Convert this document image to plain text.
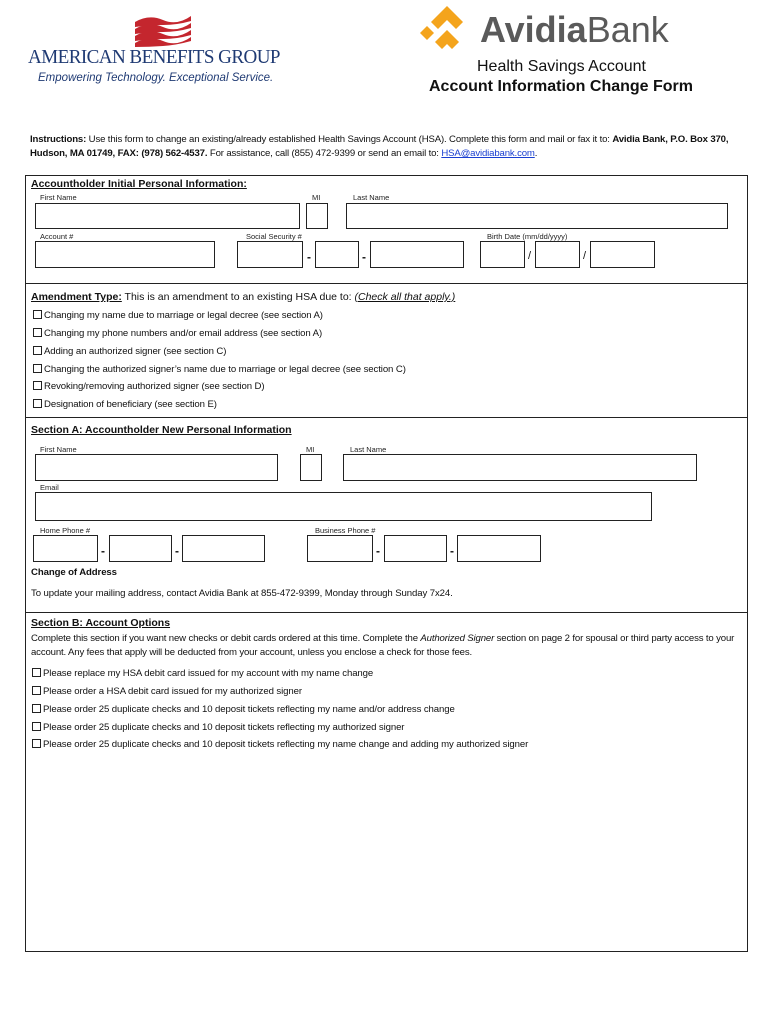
AMERICAN BENEFITS GROUP
Empowering Technology. Exceptional Service.
AvidiaBank
Health Savings Account
Account Information Change Form
Instructions: Use this form to change an existing/already established Health Savings Account (HSA). Complete this form and mail or fax it to: Avidia Bank, P.O. Box 370,
Hudson, MA 01749, FAX: (978) 562-4537. For assistance, call (855) 472-9399 or send an email to: HSA@avidiabank.com.
Accountholder Initial Personal Information:
First Name	MI	Last Name
Account #	Social Security #	Birth Date (mm/dd/yyyy)
-	-	/	/
Amendment Type: This is an amendment to an existing HSA due to: (Check all that apply.)
Changing my name due to marriage or legal decree (see section A)
Changing my phone numbers and/or email address (see section A)
Adding an authorized signer (see section C)
Changing the authorized signer’s name due to marriage or legal decree (see section C)
Revoking/removing authorized signer (see section D)
Designation of beneficiary (see section E)
Section A: Accountholder New Personal Information
First Name	MI	Last Name
Email
Home Phone #	Business Phone #
-	-	-	-
Change of Address
To update your mailing address, contact Avidia Bank at 855-472-9399, Monday through Sunday 7x24.
Section B: Account Options
Complete this section if you want new checks or debit cards ordered at this time. Complete the Authorized Signer section on page 2 for spousal or third party access to your
account. Any fees that apply will be deducted from your account, unless you enclose a check for those fees.
Please replace my HSA debit card issued for my account with my name change
Please order a HSA debit card issued for my authorized signer
Please order 25 duplicate checks and 10 deposit tickets reflecting my name and/or address change
Please order 25 duplicate checks and 10 deposit tickets reflecting my authorized signer
Please order 25 duplicate checks and 10 deposit tickets reflecting my name change and adding my authorized signer
